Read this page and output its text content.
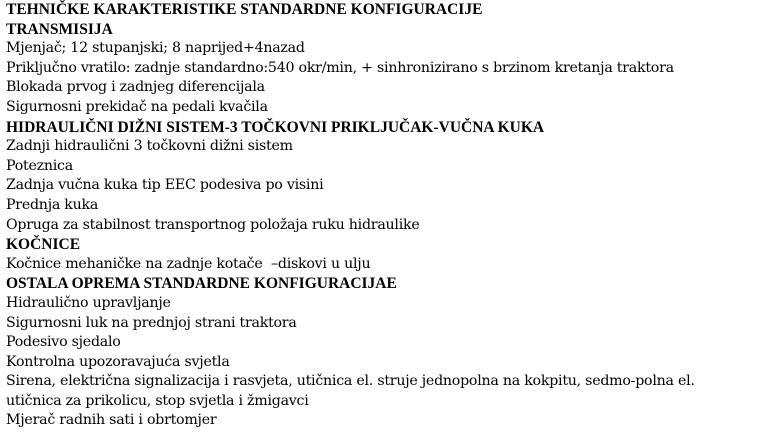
TEHNIČKE KARAKTERISTIKE STANDARDNE KONFIGURACIJE
TRANSMISIJA
Mjenjač; 12 stupanjski; 8 naprijed+4nazad
Priključno vratilo: zadnje standardno:540 okr/min, + sinhronizirano s brzinom kretanja traktora
Blokada prvog i zadnjeg diferencijala
Sigurnosni prekidač na pedali kvačila
HIDRAULIČNI DIŽNI SISTEM-3 TOČKOVNI PRIKLJUČAK-VUČNA KUKA
Zadnji hidraulični 3 točkovni dižni sistem
Poteznica
Zadnja vučna kuka tip EEC podesiva po visini
Prednja kuka
Opruga za stabilnost transportnog položaja ruku hidraulike
KOČNICE
Kočnice mehaničke na zadnje kotače  –diskovi u ulju
OSTALA OPREMA STANDARDNE KONFIGURACIJAE
Hidraulično upravljanje
Sigurnosni luk na prednjoj strani traktora
Podesivo sjedalo
Kontrolna upozoravajuća svjetla
Sirena, električna signalizacija i rasvjeta, utičnica el. struje jednopolna na kokpitu, sedmo-polna el.
utičnica za prikolicu, stop svjetla i žmigavci
Mjerač radnih sati i obrtomjer
